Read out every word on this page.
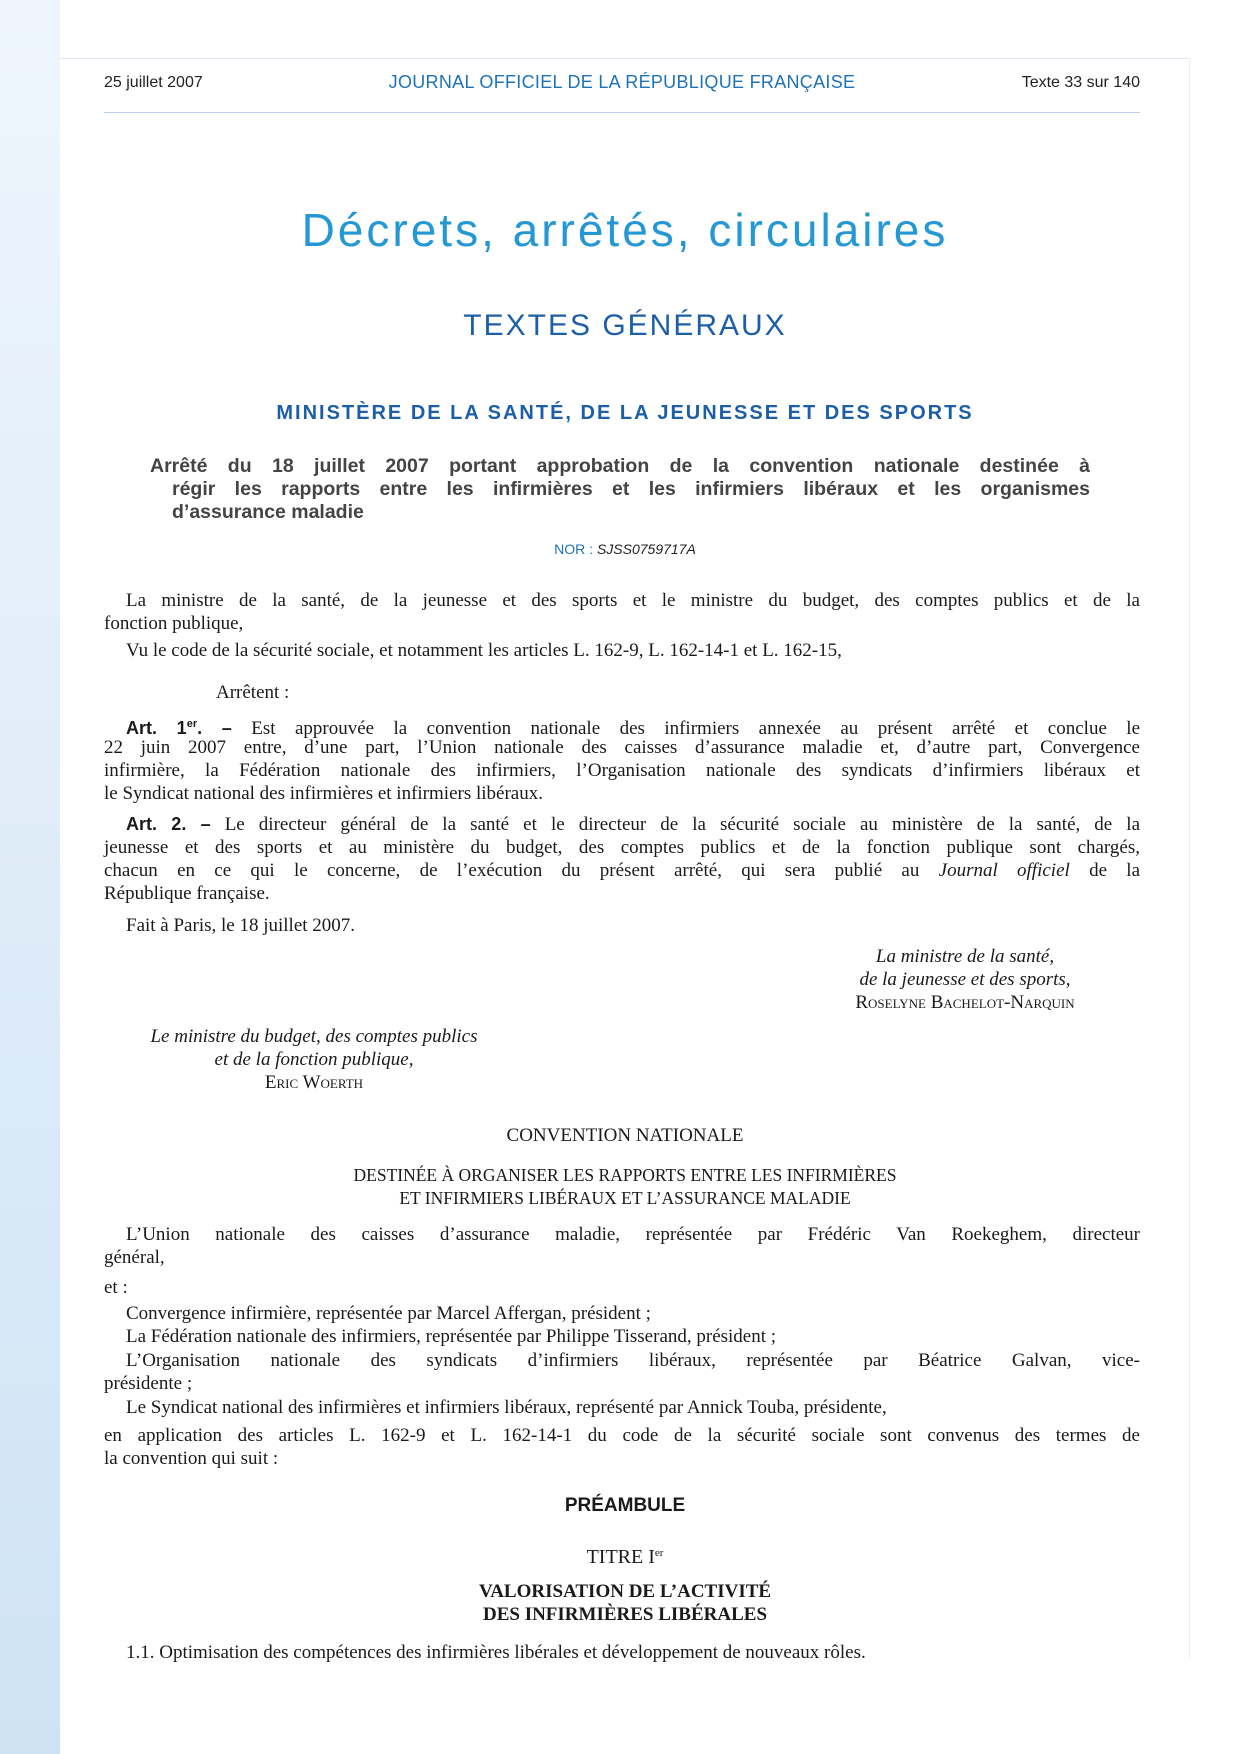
25 juillet 2007	JOURNAL OFFICIEL DE LA RÉPUBLIQUE FRANÇAISE	Texte 33 sur 140
Décrets, arrêtés, circulaires
TEXTES GÉNÉRAUX
MINISTÈRE DE LA SANTÉ, DE LA JEUNESSE ET DES SPORTS
Arrêté du 18 juillet 2007 portant approbation de la convention nationale destinée à
régir les rapports entre les infirmières et les infirmiers libéraux et les organismes
d’assurance maladie
NOR : SJSS0759717A
La ministre de la santé, de la jeunesse et des sports et le ministre du budget, des comptes publics et de la
fonction publique,
Vu le code de la sécurité sociale, et notamment les articles L. 162-9, L. 162-14-1 et L. 162-15,
Arrêtent :
Art. 1er. – Est approuvée la convention nationale des infirmiers annexée au présent arrêté et conclue le
22 juin 2007 entre, d’une part, l’Union nationale des caisses d’assurance maladie et, d’autre part, Convergence
infirmière, la Fédération nationale des infirmiers, l’Organisation nationale des syndicats d’infirmiers libéraux et
le Syndicat national des infirmières et infirmiers libéraux.
Art. 2. – Le directeur général de la santé et le directeur de la sécurité sociale au ministère de la santé, de la
jeunesse et des sports et au ministère du budget, des comptes publics et de la fonction publique sont chargés,
chacun en ce qui le concerne, de l’exécution du présent arrêté, qui sera publié au Journal officiel de la
République française.
Fait à Paris, le 18 juillet 2007.
La ministre de la santé,
de la jeunesse et des sports,
Roselyne Bachelot-Narquin
Le ministre du budget, des comptes publics
et de la fonction publique,
Eric Woerth
CONVENTION NATIONALE
DESTINÉE À ORGANISER LES RAPPORTS ENTRE LES INFIRMIÈRES
ET INFIRMIERS LIBÉRAUX ET L’ASSURANCE MALADIE
L’Union nationale des caisses d’assurance maladie, représentée par Frédéric Van Roekeghem, directeur
général,
et :
Convergence infirmière, représentée par Marcel Affergan, président ;
La Fédération nationale des infirmiers, représentée par Philippe Tisserand, président ;
L’Organisation nationale des syndicats d’infirmiers libéraux, représentée par Béatrice Galvan, vice-
présidente ;
Le Syndicat national des infirmières et infirmiers libéraux, représenté par Annick Touba, présidente,
en application des articles L. 162-9 et L. 162-14-1 du code de la sécurité sociale sont convenus des termes de
la convention qui suit :
PRÉAMBULE
TITRE Ier
VALORISATION DE L’ACTIVITÉ
DES INFIRMIÈRES LIBÉRALES
1.1. Optimisation des compétences des infirmières libérales et développement de nouveaux rôles.
